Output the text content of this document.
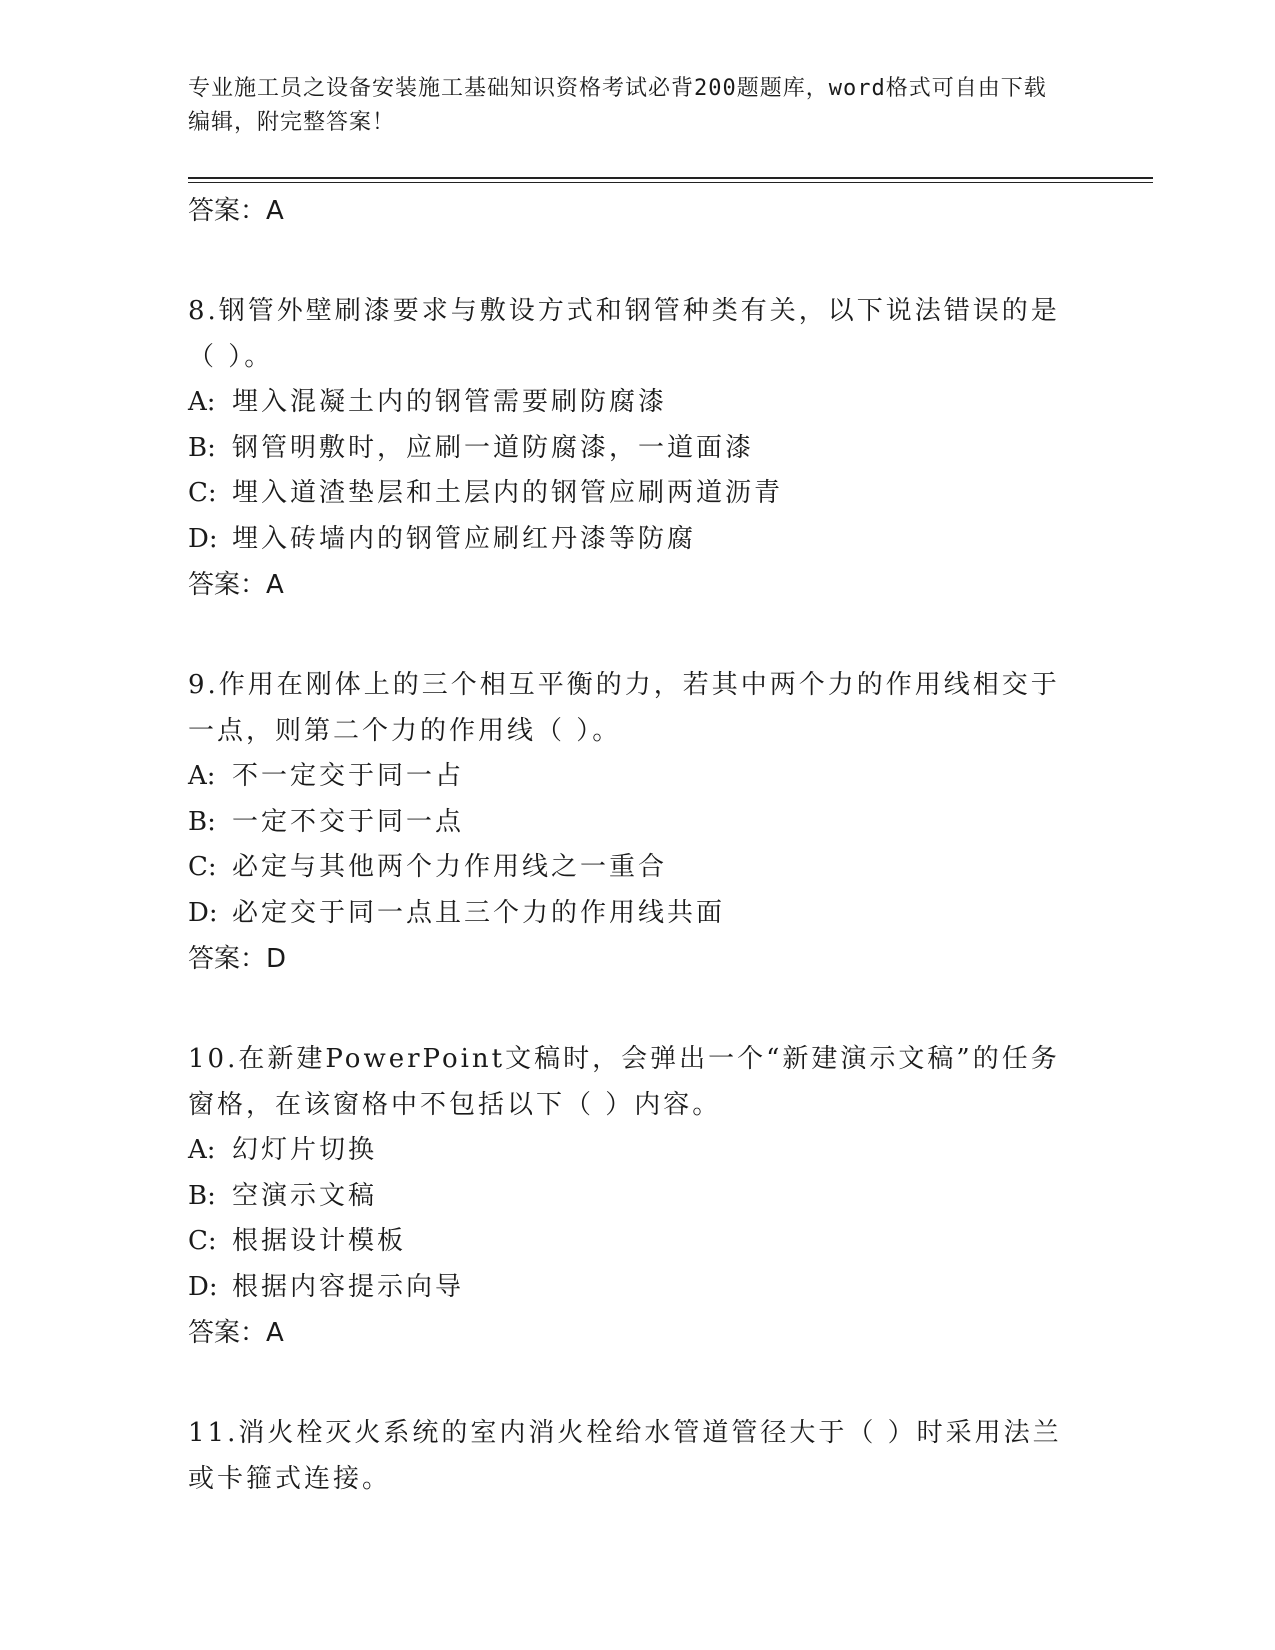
专业施工员之设备安装施工基础知识资格考试必背200题题库，word格式可自由下载编辑，附完整答案！
答案：A
8.钢管外壁刷漆要求与敷设方式和钢管种类有关，以下说法错误的是（ ）。
A: 埋入混凝土内的钢管需要刷防腐漆
B: 钢管明敷时，应刷一道防腐漆，一道面漆
C: 埋入道渣垫层和土层内的钢管应刷两道沥青
D: 埋入砖墙内的钢管应刷红丹漆等防腐
答案：A
9.作用在刚体上的三个相互平衡的力，若其中两个力的作用线相交于一点，则第二个力的作用线（ ）。
A: 不一定交于同一占
B: 一定不交于同一点
C: 必定与其他两个力作用线之一重合
D: 必定交于同一点且三个力的作用线共面
答案：D
10.在新建PowerPoint文稿时，会弹出一个“新建演示文稿”的任务窗格，在该窗格中不包括以下（ ）内容。
A: 幻灯片切换
B: 空演示文稿
C: 根据设计模板
D: 根据内容提示向导
答案：A
11.消火栓灭火系统的室内消火栓给水管道管径大于（ ）时采用法兰或卡箍式连接。
